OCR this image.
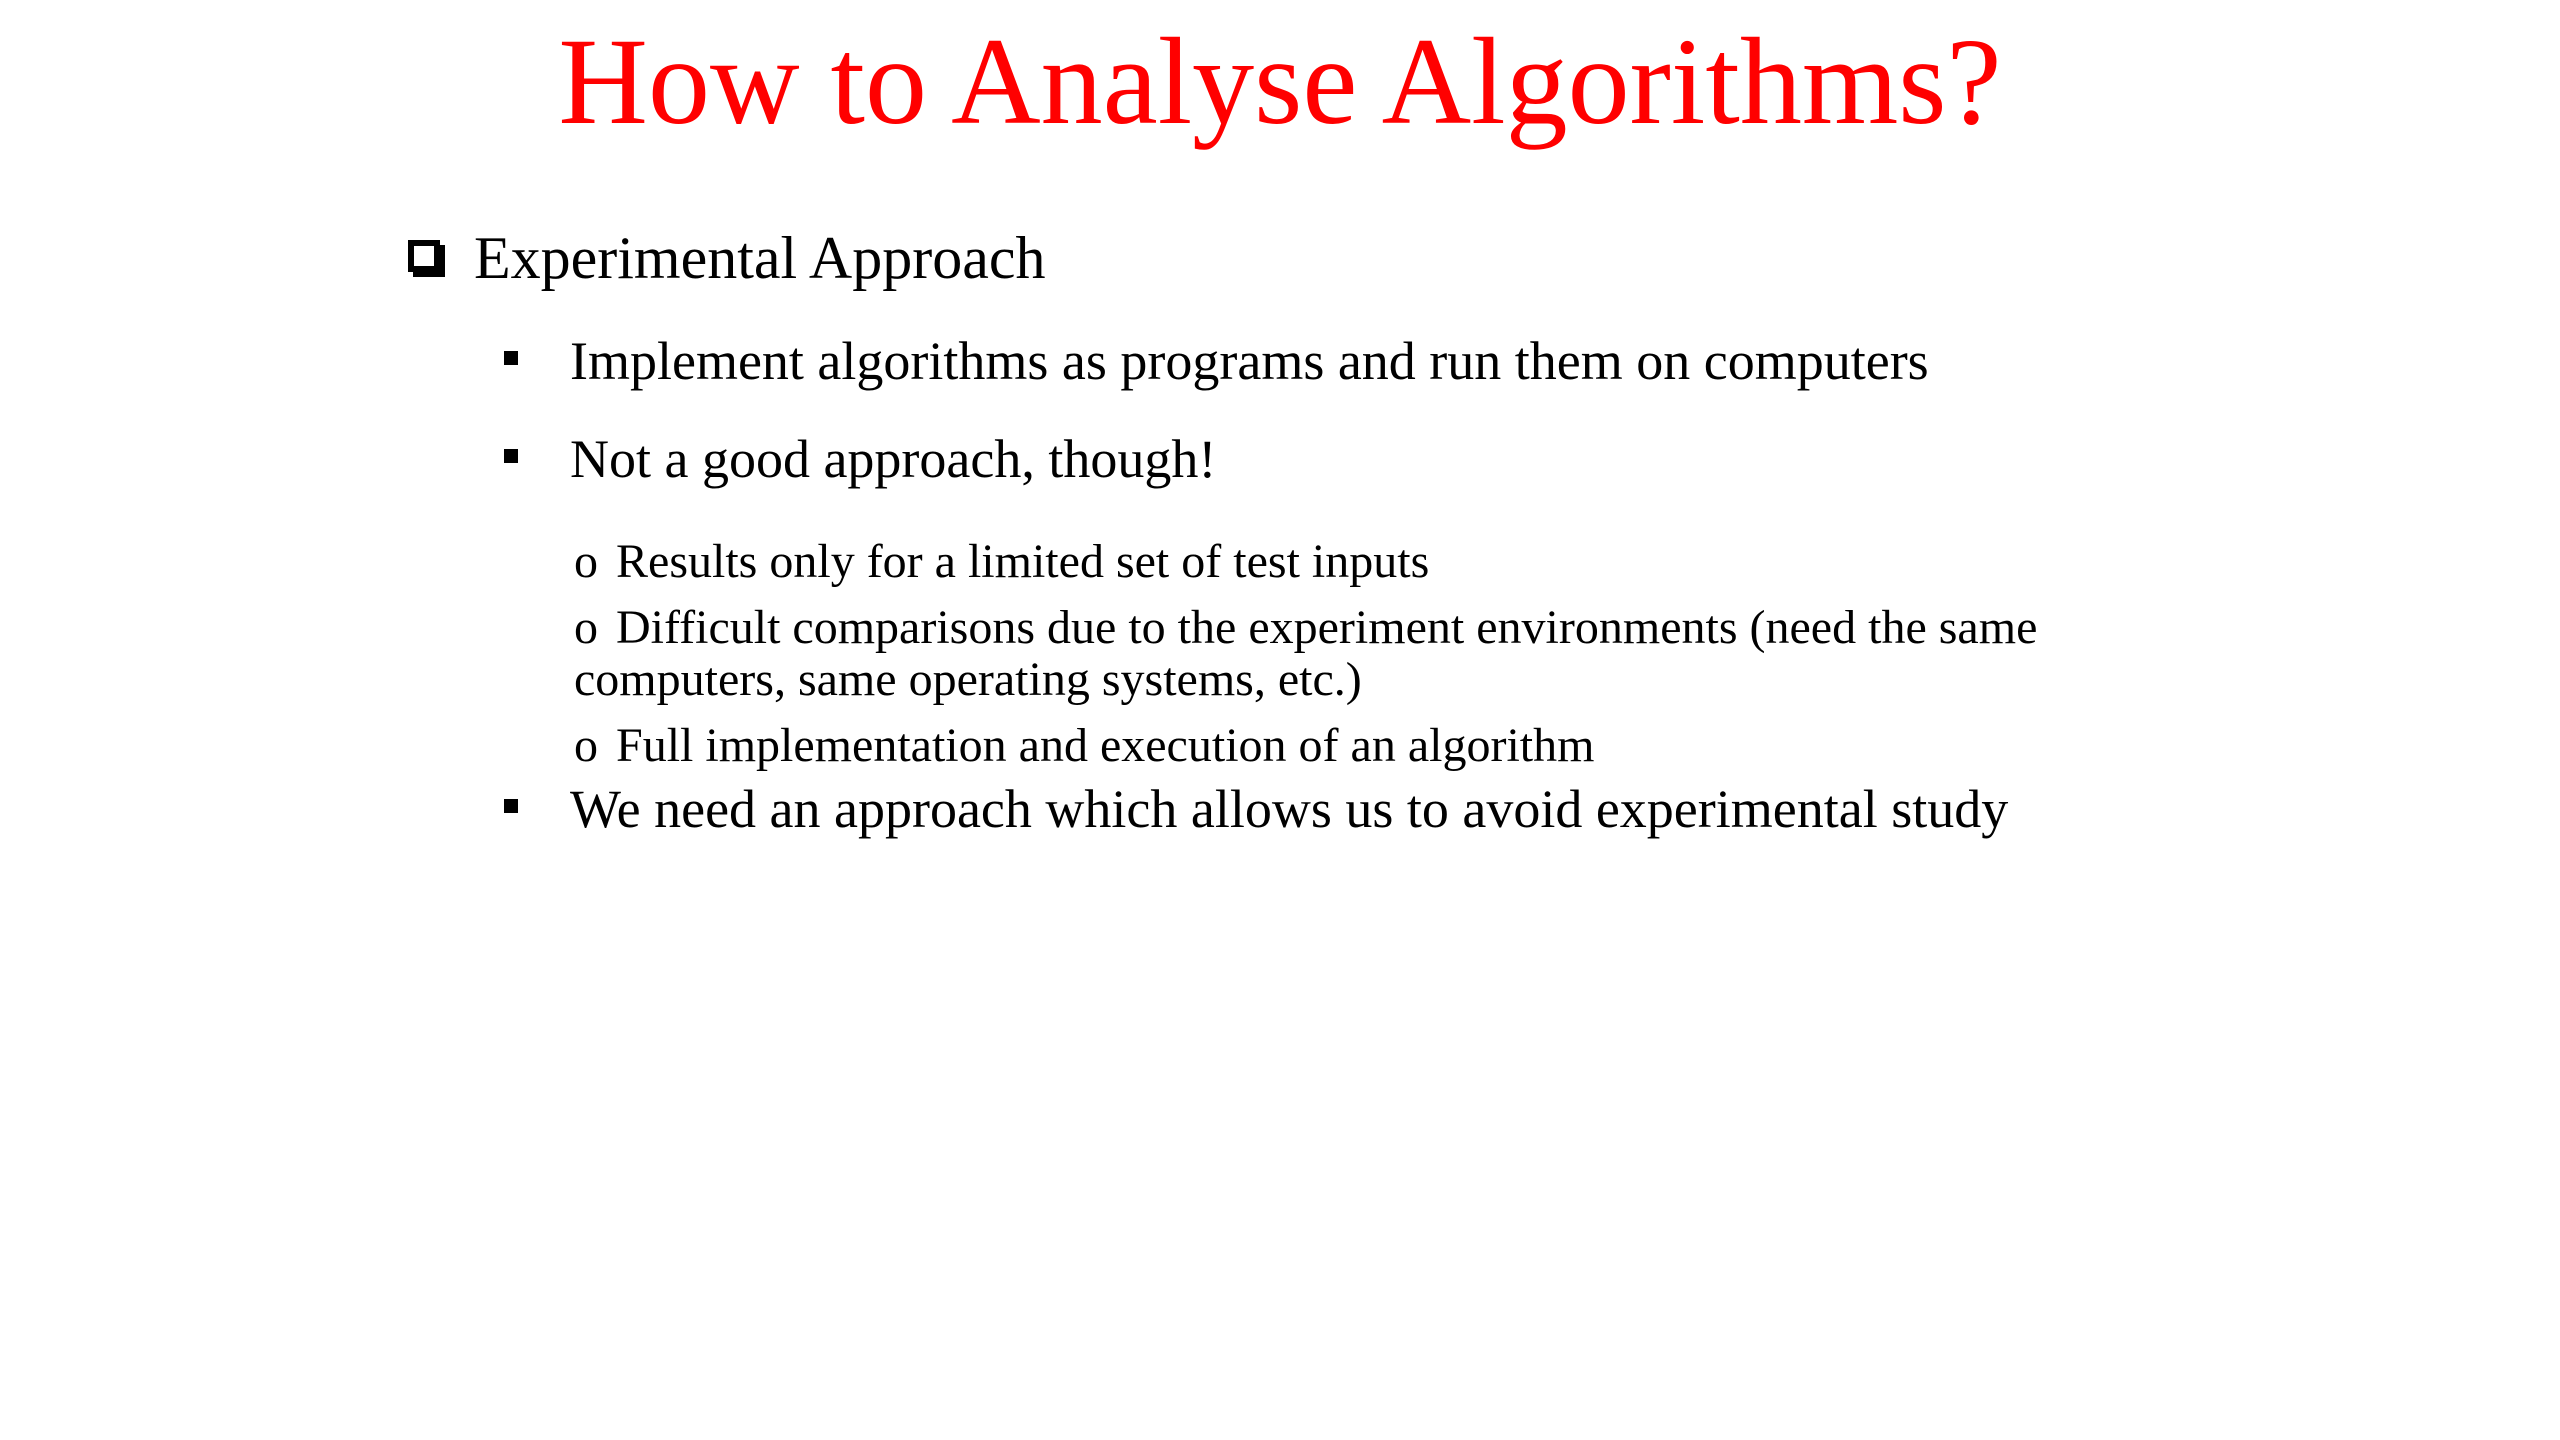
How to Analyse Algorithms?
Experimental Approach
Implement algorithms as programs and run them on computers
Not a good approach, though!
o Results only for a limited set of test inputs
o Difficult comparisons due to the experiment environments (need the same computers, same operating systems, etc.)
o Full implementation and execution of an algorithm
We need an approach which allows us to avoid experimental study
